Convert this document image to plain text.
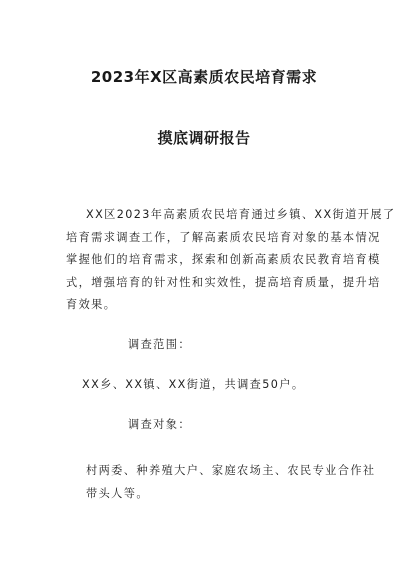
2023年X区高素质农民培育需求
摸底调研报告
XX区2023年高素质农民培育通过乡镇、XX街道开展了
培育需求调查工作，了解高素质农民培育对象的基本情况
掌握他们的培育需求，探索和创新高素质农民教育培育模
式，增强培育的针对性和实效性，提高培育质量，提升培
育效果。
调查范围：
XX乡、XX镇、XX街道，共调查50户。
调查对象：
村两委、种养殖大户、家庭农场主、农民专业合作社
带头人等。
